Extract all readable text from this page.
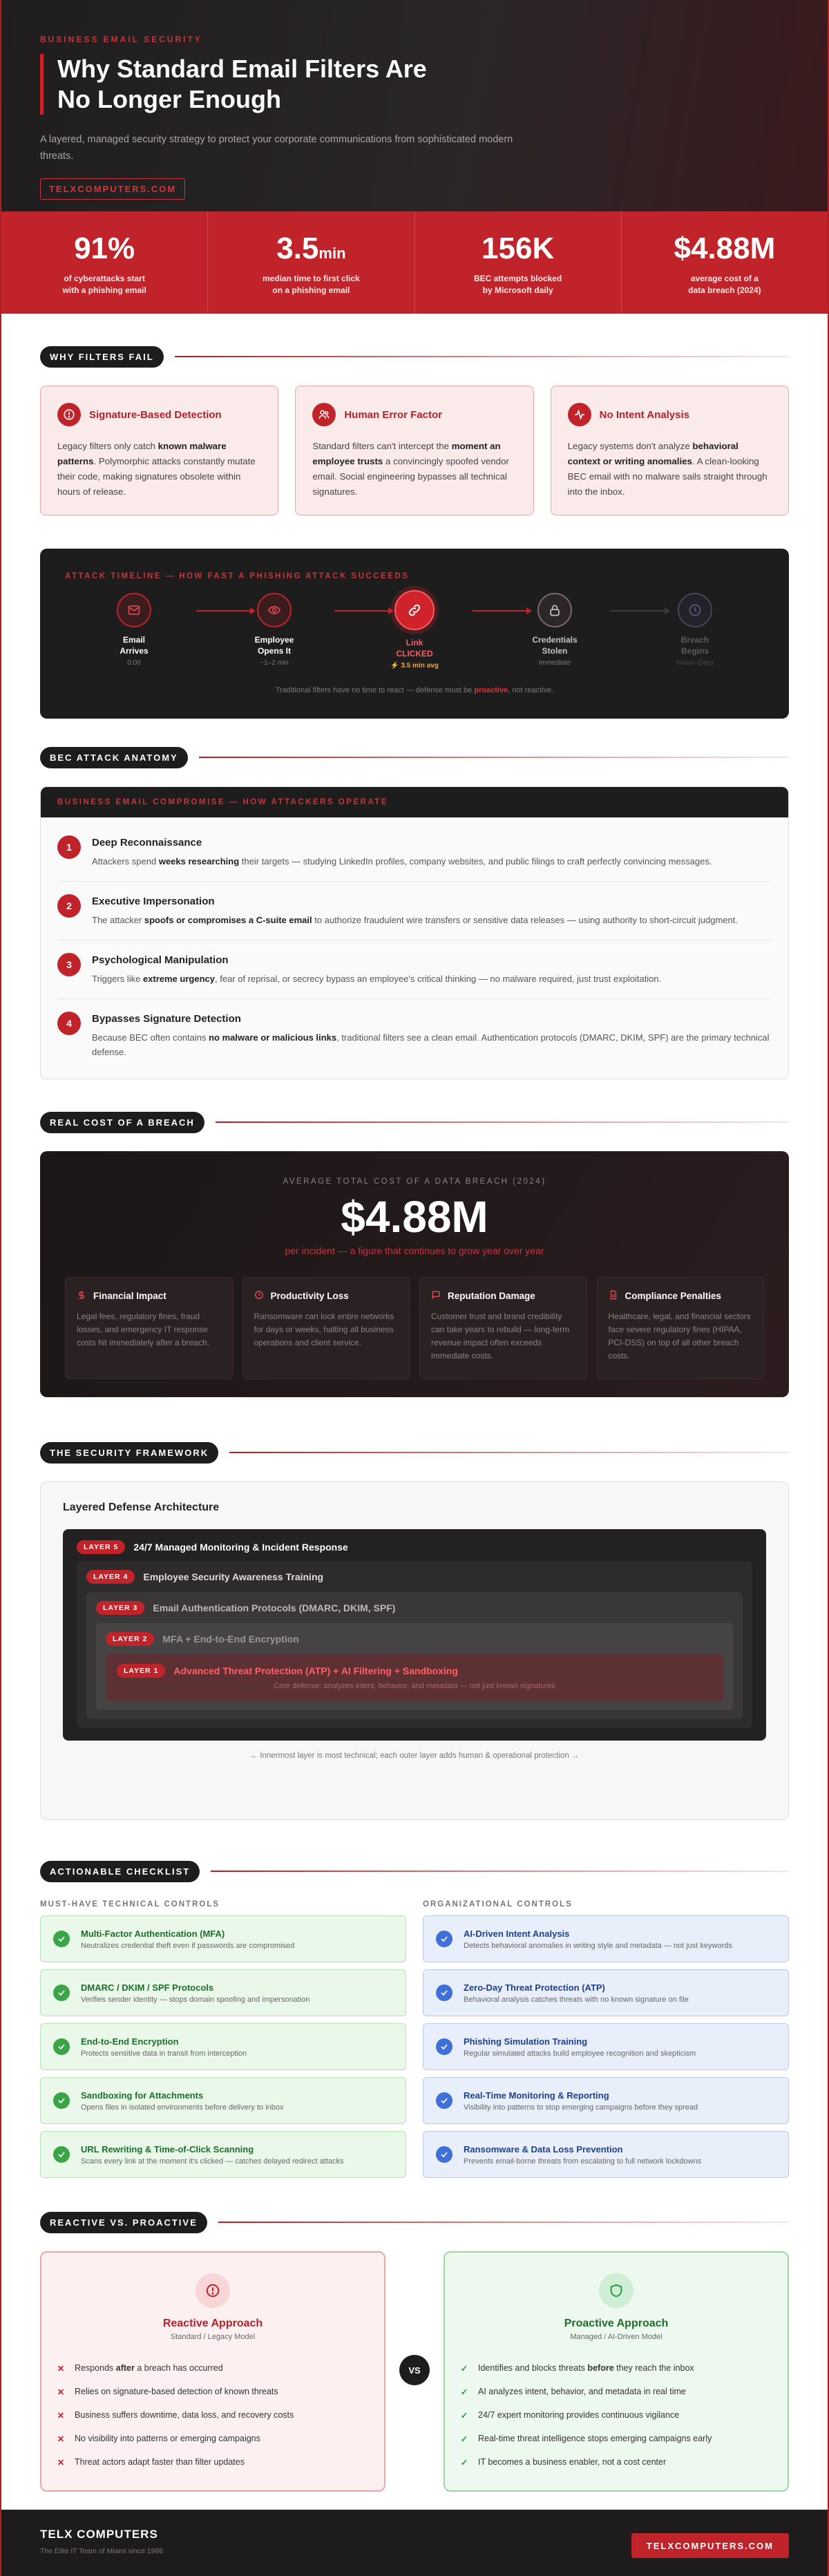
BUSINESS EMAIL SECURITY
Why Standard Email Filters Are No Longer Enough

A layered, managed security strategy to protect your corporate communications from sophisticated modern threats.

TELXCOMPUTERS.COM
91%
of cyberattacks start
with a phishing email
3.5min
median time to first click
on a phishing email
156K
BEC attempts blocked
by Microsoft daily
$4.88M
average cost of a
data breach (2024)
WHY FILTERS FAIL
Signature-Based Detection

Legacy filters only catch known malware patterns. Polymorphic attacks constantly mutate their code, making signatures obsolete within hours of release.

Human Error Factor

Standard filters can't intercept the moment an employee trusts a convincingly spoofed vendor email. Social engineering bypasses all technical signatures.

No Intent Analysis

Legacy systems don't analyze behavioral context or writing anomalies. A clean-looking BEC email with no malware sails straight through into the inbox.

ATTACK TIMELINE — HOW FAST A PHISHING ATTACK SUCCEEDS
Email
Arrives
0:00
Employee
Opens It
~1–2 min
Link
CLICKED
⚡ 3.5 min avg
Credentials
Stolen
Immediate
Breach
Begins
Hours–Days
Traditional filters have no time to react — defense must be proactive, not reactive.
BEC ATTACK ANATOMY
BUSINESS EMAIL COMPROMISE — HOW ATTACKERS OPERATE
1	Deep Reconnaissance

Attackers spend weeks researching their targets — studying LinkedIn profiles, company websites, and public filings to craft perfectly convincing messages.

2	Executive Impersonation

The attacker spoofs or compromises a C-suite email to authorize fraudulent wire transfers or sensitive data releases — using authority to short-circuit judgment.

3	Psychological Manipulation

Triggers like extreme urgency, fear of reprisal, or secrecy bypass an employee's critical thinking — no malware required, just trust exploitation.

4	Bypasses Signature Detection

Because BEC often contains no malware or malicious links, traditional filters see a clean email. Authentication protocols (DMARC, DKIM, SPF) are the primary technical defense.

REAL COST OF A BREACH
AVERAGE TOTAL COST OF A DATA BREACH (2024)
$4.88M
per incident — a figure that continues to grow year over year
Financial Impact

Legal fees, regulatory fines, fraud losses, and emergency IT response costs hit immediately after a breach.

Productivity Loss

Ransomware can lock entire networks for days or weeks, halting all business operations and client service.

Reputation Damage

Customer trust and brand credibility can take years to rebuild — long-term revenue impact often exceeds immediate costs.

Compliance Penalties

Healthcare, legal, and financial sectors face severe regulatory fines (HIPAA, PCI-DSS) on top of all other breach costs.

THE SECURITY FRAMEWORK
Layered Defense Architecture
LAYER 5	24/7 Managed Monitoring & Incident Response
LAYER 4	Employee Security Awareness Training
LAYER 3	Email Authentication Protocols (DMARC, DKIM, SPF)
LAYER 2	MFA + End-to-End Encryption
LAYER 1	Advanced Threat Protection (ATP) + AI Filtering + Sandboxing
Core defense: analyzes intent, behavior, and metadata — not just known signatures
← Innermost layer is most technical; each outer layer adds human & operational protection →
ACTIONABLE CHECKLIST
MUST-HAVE TECHNICAL CONTROLS
Multi-Factor Authentication (MFA)
Neutralizes credential theft even if passwords are compromised
DMARC / DKIM / SPF Protocols
Verifies sender identity — stops domain spoofing and impersonation
End-to-End Encryption
Protects sensitive data in transit from interception
Sandboxing for Attachments
Opens files in isolated environments before delivery to inbox
URL Rewriting & Time-of-Click Scanning
Scans every link at the moment it's clicked — catches delayed redirect attacks
ORGANIZATIONAL CONTROLS
AI-Driven Intent Analysis
Detects behavioral anomalies in writing style and metadata — not just keywords
Zero-Day Threat Protection (ATP)
Behavioral analysis catches threats with no known signature on file
Phishing Simulation Training
Regular simulated attacks build employee recognition and skepticism
Real-Time Monitoring & Reporting
Visibility into patterns to stop emerging campaigns before they spread
Ransomware & Data Loss Prevention
Prevents email-borne threats from escalating to full network lockdowns
REACTIVE VS. PROACTIVE
Reactive Approach
Standard / Legacy Model
✕ Responds after a breach has occurred
✕ Relies on signature-based detection of known threats
✕ Business suffers downtime, data loss, and recovery costs
✕ No visibility into patterns or emerging campaigns
✕ Threat actors adapt faster than filter updates
VS
Proactive Approach
Managed / AI-Driven Model
✓ Identifies and blocks threats before they reach the inbox
✓ AI analyzes intent, behavior, and metadata in real time
✓ 24/7 expert monitoring provides continuous vigilance
✓ Real-time threat intelligence stops emerging campaigns early
✓ IT becomes a business enabler, not a cost center
TELX COMPUTERS
The Elite IT Team of Miami since 1998
TELXCOMPUTERS.COM
